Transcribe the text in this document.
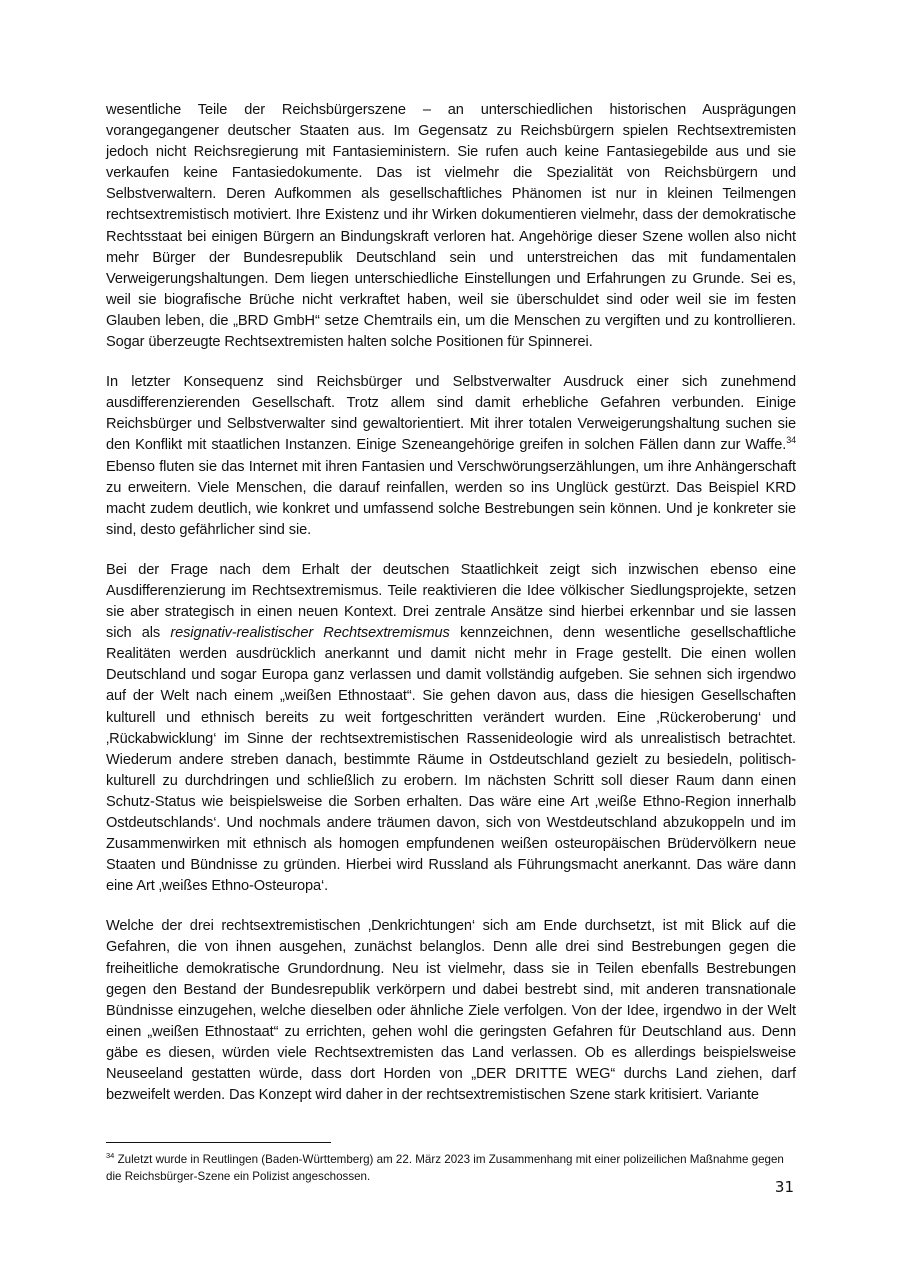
wesentliche Teile der Reichsbürgerszene – an unterschiedlichen historischen Ausprägungen vorangegangener deutscher Staaten aus. Im Gegensatz zu Reichsbürgern spielen Rechtsextremisten jedoch nicht Reichsregierung mit Fantasieministern. Sie rufen auch keine Fantasiegebilde aus und sie verkaufen keine Fantasiedokumente. Das ist vielmehr die Spezialität von Reichsbürgern und Selbstverwaltern. Deren Aufkommen als gesellschaftliches Phänomen ist nur in kleinen Teilmengen rechtsextremistisch motiviert. Ihre Existenz und ihr Wirken dokumentieren vielmehr, dass der demokratische Rechtsstaat bei einigen Bürgern an Bindungskraft verloren hat. Angehörige dieser Szene wollen also nicht mehr Bürger der Bundesrepublik Deutschland sein und unterstreichen das mit fundamentalen Verweigerungshaltungen. Dem liegen unterschiedliche Einstellungen und Erfahrungen zu Grunde. Sei es, weil sie biografische Brüche nicht verkraftet haben, weil sie überschuldet sind oder weil sie im festen Glauben leben, die „BRD GmbH“ setze Chemtrails ein, um die Menschen zu vergiften und zu kontrollieren. Sogar überzeugte Rechtsextremisten halten solche Positionen für Spinnerei.

In letzter Konsequenz sind Reichsbürger und Selbstverwalter Ausdruck einer sich zunehmend ausdifferenzierenden Gesellschaft. Trotz allem sind damit erhebliche Gefahren verbunden. Einige Reichsbürger und Selbstverwalter sind gewaltorientiert. Mit ihrer totalen Verweigerungshaltung suchen sie den Konflikt mit staatlichen Instanzen. Einige Szeneangehörige greifen in solchen Fällen dann zur Waffe.$^{34}$ Ebenso fluten sie das Internet mit ihren Fantasien und Verschwörungserzählungen, um ihre Anhängerschaft zu erweitern. Viele Menschen, die darauf reinfallen, werden so ins Unglück gestürzt. Das Beispiel KRD macht zudem deutlich, wie konkret und umfassend solche Bestrebungen sein können. Und je konkreter sie sind, desto gefährlicher sind sie.

Bei der Frage nach dem Erhalt der deutschen Staatlichkeit zeigt sich inzwischen ebenso eine Ausdifferenzierung im Rechtsextremismus. Teile reaktivieren die Idee völkischer Siedlungsprojekte, setzen sie aber strategisch in einen neuen Kontext. Drei zentrale Ansätze sind hierbei erkennbar und sie lassen sich als resignativ-realistischer Rechtsextremismus kennzeichnen, denn wesentliche gesellschaftliche Realitäten werden ausdrücklich anerkannt und damit nicht mehr in Frage gestellt. Die einen wollen Deutschland und sogar Europa ganz verlassen und damit vollständig aufgeben. Sie sehnen sich irgendwo auf der Welt nach einem „weißen Ethnostaat“. Sie gehen davon aus, dass die hiesigen Gesellschaften kulturell und ethnisch bereits zu weit fortgeschritten verändert wurden. Eine ‚Rückeroberung‘ und ‚Rückabwicklung‘ im Sinne der rechtsextremistischen Rassenideologie wird als unrealistisch betrachtet. Wiederum andere streben danach, bestimmte Räume in Ostdeutschland gezielt zu besiedeln, politisch-kulturell zu durchdringen und schließlich zu erobern. Im nächsten Schritt soll dieser Raum dann einen Schutz-Status wie beispielsweise die Sorben erhalten. Das wäre eine Art ‚weiße Ethno-Region innerhalb Ostdeutschlands‘. Und nochmals andere träumen davon, sich von Westdeutschland abzukoppeln und im Zusammenwirken mit ethnisch als homogen empfundenen weißen osteuropäischen Brüdervölkern neue Staaten und Bündnisse zu gründen. Hierbei wird Russland als Führungsmacht anerkannt. Das wäre dann eine Art ‚weißes Ethno-Osteuropa‘.

Welche der drei rechtsextremistischen ‚Denkrichtungen‘ sich am Ende durchsetzt, ist mit Blick auf die Gefahren, die von ihnen ausgehen, zunächst belanglos. Denn alle drei sind Bestrebungen gegen die freiheitliche demokratische Grundordnung. Neu ist vielmehr, dass sie in Teilen ebenfalls Bestrebungen gegen den Bestand der Bundesrepublik verkörpern und dabei bestrebt sind, mit anderen transnationale Bündnisse einzugehen, welche dieselben oder ähnliche Ziele verfolgen. Von der Idee, irgendwo in der Welt einen „weißen Ethnostaat“ zu errichten, gehen wohl die geringsten Gefahren für Deutschland aus. Denn gäbe es diesen, würden viele Rechtsextremisten das Land verlassen. Ob es allerdings beispielsweise Neuseeland gestatten würde, dass dort Horden von „DER DRITTE WEG“ durchs Land ziehen, darf bezweifelt werden. Das Konzept wird daher in der rechtsextremistischen Szene stark kritisiert. Variante

$^{34}$ Zuletzt wurde in Reutlingen (Baden-Württemberg) am 22. März 2023 im Zusammenhang mit einer polizeilichen Maßnahme gegen die Reichsbürger-Szene ein Polizist angeschossen.
31
